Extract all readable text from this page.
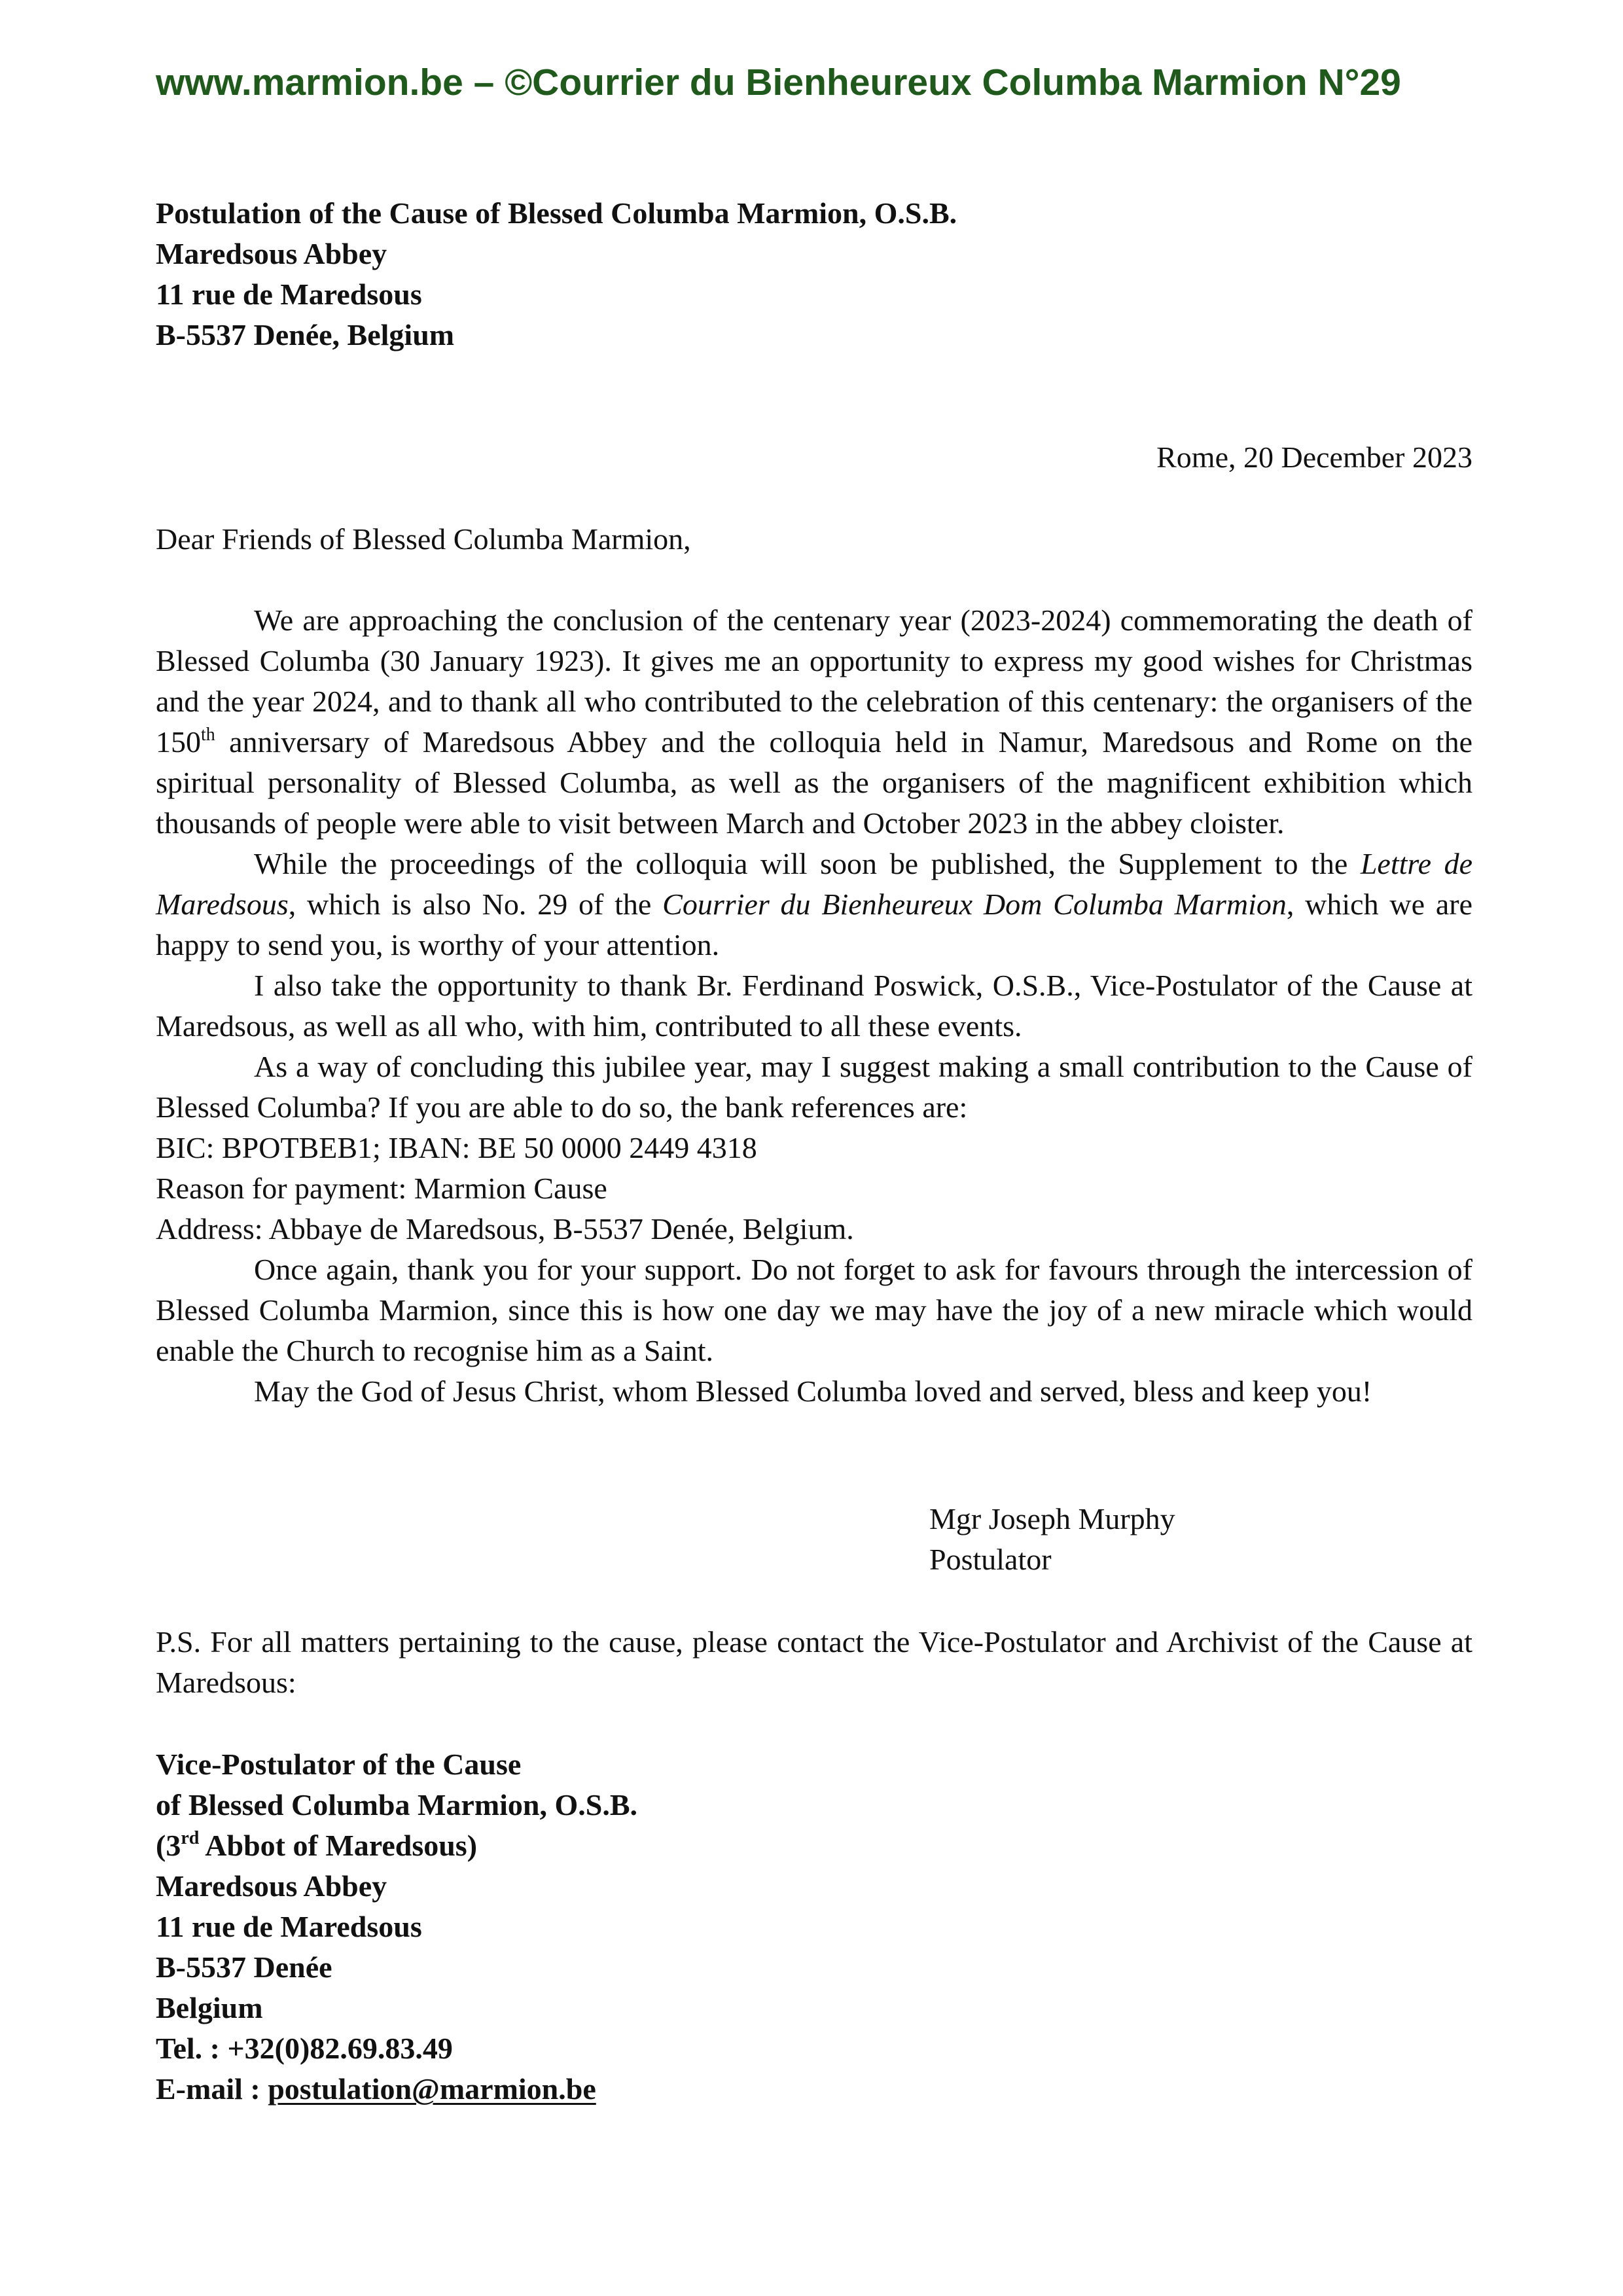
www.marmion.be – ©Courrier du Bienheureux Columba Marmion N°29
Postulation of the Cause of Blessed Columba Marmion, O.S.B.
Maredsous Abbey
11 rue de Maredsous
B-5537 Denée, Belgium
Rome, 20 December 2023
Dear Friends of Blessed Columba Marmion,

We are approaching the conclusion of the centenary year (2023-2024) commemorating the death of Blessed Columba (30 January 1923). It gives me an opportunity to express my good wishes for Christmas and the year 2024, and to thank all who contributed to the celebration of this centenary: the organisers of the 150th anniversary of Maredsous Abbey and the colloquia held in Namur, Maredsous and Rome on the spiritual personality of Blessed Columba, as well as the organisers of the magnificent exhibition which thousands of people were able to visit between March and October 2023 in the abbey cloister.

While the proceedings of the colloquia will soon be published, the Supplement to the Lettre de Maredsous, which is also No. 29 of the Courrier du Bienheureux Dom Columba Marmion, which we are happy to send you, is worthy of your attention.

I also take the opportunity to thank Br. Ferdinand Poswick, O.S.B., Vice-Postulator of the Cause at Maredsous, as well as all who, with him, contributed to all these events.

As a way of concluding this jubilee year, may I suggest making a small contribution to the Cause of Blessed Columba? If you are able to do so, the bank references are:

BIC: BPOTBEB1; IBAN: BE 50 0000 2449 4318
Reason for payment: Marmion Cause
Address: Abbaye de Maredsous, B-5537 Denée, Belgium.

Once again, thank you for your support. Do not forget to ask for favours through the intercession of Blessed Columba Marmion, since this is how one day we may have the joy of a new miracle which would enable the Church to recognise him as a Saint.

May the God of Jesus Christ, whom Blessed Columba loved and served, bless and keep you!

Mgr Joseph Murphy
Postulator

P.S. For all matters pertaining to the cause, please contact the Vice-Postulator and Archivist of the Cause at Maredsous:

Vice-Postulator of the Cause
of Blessed Columba Marmion, O.S.B.
(3rd Abbot of Maredsous)
Maredsous Abbey
11 rue de Maredsous
B-5537 Denée
Belgium
Tel. : +32(0)82.69.83.49
E-mail : postulation@marmion.be
